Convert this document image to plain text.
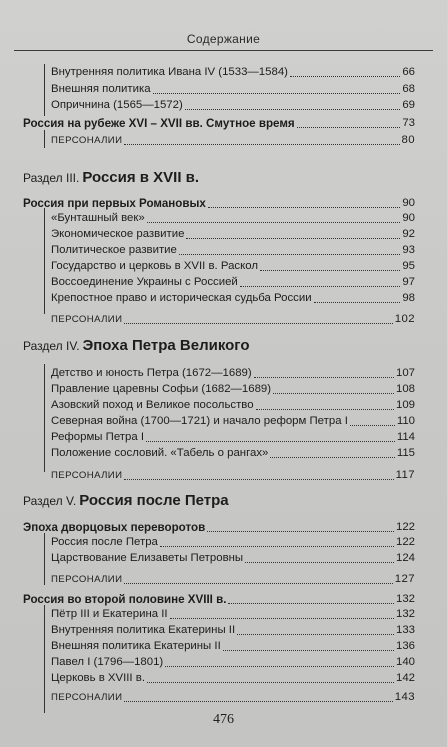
Содержание
Внутренняя политика Ивана IV (1533—1584)	66
Внешняя политика	68
Опричнина (1565—1572)	69
Россия на рубеже XVI – XVII вв. Смутное время	73
ПЕРСОНАЛИИ	80
Раздел III. Россия в XVII в.
Россия при первых Романовых	90
«Бунташный век»	90
Экономическое развитие	92
Политическое развитие	93
Государство и церковь в XVII в. Раскол	95
Воссоединение Украины с Россией	97
Крепостное право и историческая судьба России	98
ПЕРСОНАЛИИ	102
Раздел IV. Эпоха Петра Великого
Детство и юность Петра (1672—1689)	107
Правление царевны Софьи (1682—1689)	108
Азовский поход и Великое посольство	109
Северная война (1700—1721) и начало реформ Петра I	110
Реформы Петра I	114
Положение сословий. «Табель о рангах»	115
ПЕРСОНАЛИИ	117
Раздел V. Россия после Петра
Эпоха дворцовых переворотов	122
Россия после Петра	122
Царствование Елизаветы Петровны	124
ПЕРСОНАЛИИ	127
Россия во второй половине XVIII в.	132
Пётр III и Екатерина II	132
Внутренняя политика Екатерины II	133
Внешняя политика Екатерины II	136
Павел I (1796—1801)	140
Церковь в XVIII в.	142
ПЕРСОНАЛИИ	143
476
